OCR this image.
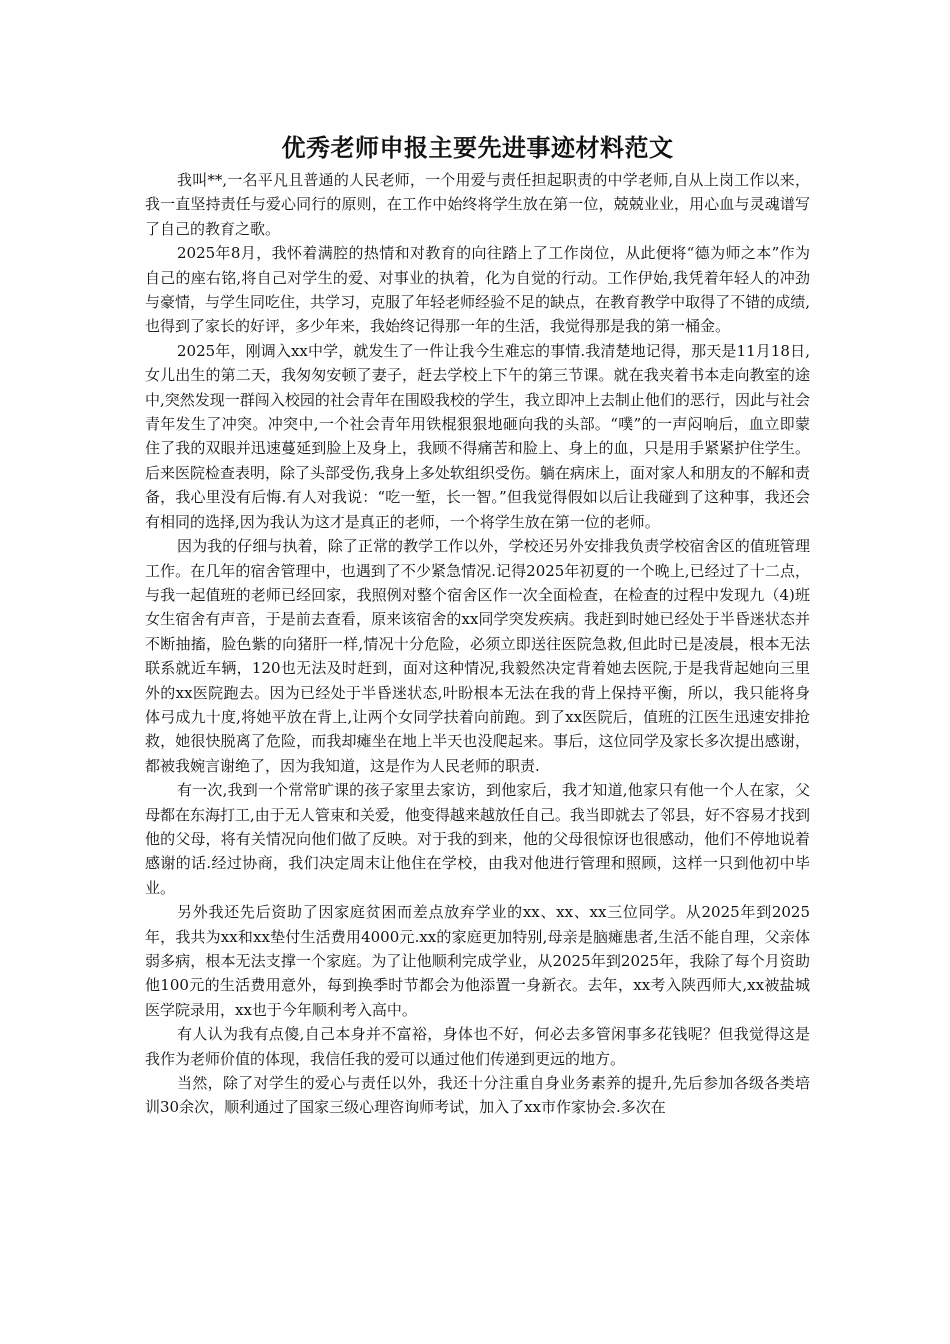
优秀老师申报主要先进事迹材料范文

我叫**,一名平凡且普通的人民老师，一个用爱与责任担起职责的中学老师,自从上岗工作以来，我一直坚持责任与爱心同行的原则，在工作中始终将学生放在第一位，兢兢业业，用心血与灵魂谱写了自己的教育之歌。

2025年8月，我怀着满腔的热情和对教育的向往踏上了工作岗位，从此便将“德为师之本”作为自己的座右铭,将自己对学生的爱、对事业的执着，化为自觉的行动。工作伊始,我凭着年轻人的冲劲与豪情，与学生同吃住，共学习，克服了年轻老师经验不足的缺点，在教育教学中取得了不错的成绩,也得到了家长的好评，多少年来，我始终记得那一年的生活，我觉得那是我的第一桶金。

2025年，刚调入xx中学，就发生了一件让我今生难忘的事情.我清楚地记得，那天是11月18日,女儿出生的第二天，我匆匆安顿了妻子，赶去学校上下午的第三节课。就在我夹着书本走向教室的途中,突然发现一群闯入校园的社会青年在围殴我校的学生，我立即冲上去制止他们的恶行，因此与社会青年发生了冲突。冲突中,一个社会青年用铁棍狠狠地砸向我的头部。“噗”的一声闷响后，血立即蒙住了我的双眼并迅速蔓延到脸上及身上，我顾不得痛苦和脸上、身上的血，只是用手紧紧护住学生。后来医院检查表明，除了头部受伤,我身上多处软组织受伤。躺在病床上，面对家人和朋友的不解和责备，我心里没有后悔.有人对我说：“吃一堑，长一智。”但我觉得假如以后让我碰到了这种事，我还会有相同的选择,因为我认为这才是真正的老师，一个将学生放在第一位的老师。

因为我的仔细与执着，除了正常的教学工作以外，学校还另外安排我负责学校宿舍区的值班管理工作。在几年的宿舍管理中，也遇到了不少紧急情况.记得2025年初夏的一个晚上,已经过了十二点，与我一起值班的老师已经回家，我照例对整个宿舍区作一次全面检查，在检查的过程中发现九（4)班女生宿舍有声音，于是前去查看，原来该宿舍的xx同学突发疾病。我赶到时她已经处于半昏迷状态并不断抽搐，脸色紫的向猪肝一样,情况十分危险，必须立即送往医院急救,但此时已是凌晨，根本无法联系就近车辆，120也无法及时赶到，面对这种情况,我毅然决定背着她去医院,于是我背起她向三里外的xx医院跑去。因为已经处于半昏迷状态,叶盼根本无法在我的背上保持平衡，所以，我只能将身体弓成九十度,将她平放在背上,让两个女同学扶着向前跑。到了xx医院后，值班的江医生迅速安排抢救，她很快脱离了危险，而我却瘫坐在地上半天也没爬起来。事后，这位同学及家长多次提出感谢，都被我婉言谢绝了，因为我知道，这是作为人民老师的职责.

有一次,我到一个常常旷课的孩子家里去家访，到他家后，我才知道,他家只有他一个人在家，父母都在东海打工,由于无人管束和关爱，他变得越来越放任自己。我当即就去了邻县，好不容易才找到他的父母，将有关情况向他们做了反映。对于我的到来，他的父母很惊讶也很感动，他们不停地说着感谢的话.经过协商，我们决定周末让他住在学校，由我对他进行管理和照顾，这样一只到他初中毕业。

另外我还先后资助了因家庭贫困而差点放弃学业的xx、xx、xx三位同学。从2025年到2025年，我共为xx和xx垫付生活费用4000元.xx的家庭更加特别,母亲是脑瘫患者,生活不能自理，父亲体弱多病，根本无法支撑一个家庭。为了让他顺利完成学业，从2025年到2025年，我除了每个月资助他100元的生活费用意外，每到换季时节都会为他添置一身新衣。去年，xx考入陕西师大,xx被盐城医学院录用，xx也于今年顺利考入高中。

有人认为我有点傻,自己本身并不富裕，身体也不好，何必去多管闲事多花钱呢？但我觉得这是我作为老师价值的体现，我信任我的爱可以通过他们传递到更远的地方。

当然，除了对学生的爱心与责任以外，我还十分注重自身业务素养的提升,先后参加各级各类培训30余次，顺利通过了国家三级心理咨询师考试，加入了xx市作家协会.多次在
